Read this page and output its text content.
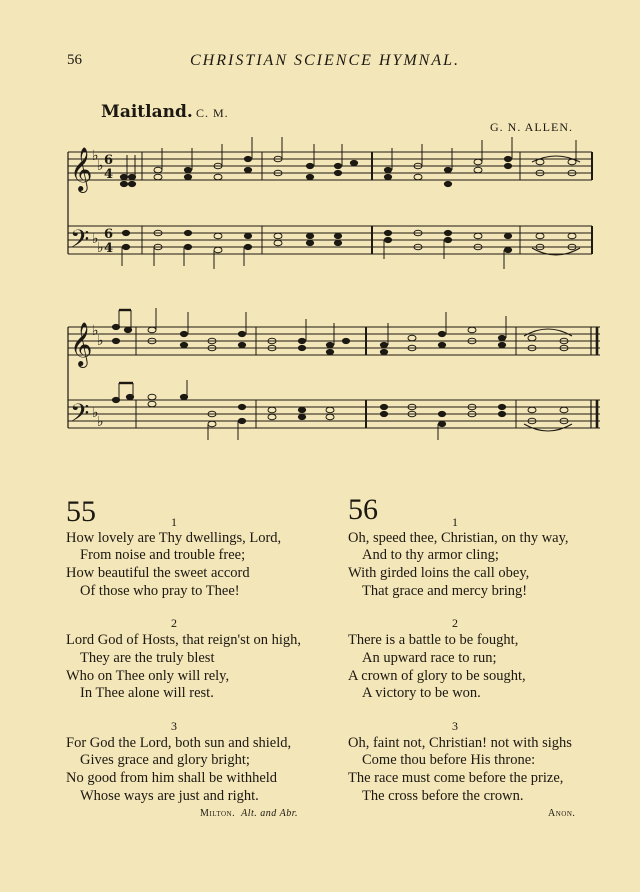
56	CHRISTIAN SCIENCE HYMNAL.
Maitland. C. M.
G. N. ALLEN.
𝄞
𝄢
♭
♭
♭
♭
6
4
6
4
𝄞
𝄢
♭
♭
♭
♭
55	1
How lovely are Thy dwellings, Lord,
From noise and trouble free;
How beautiful the sweet accord
Of those who pray to Thee!
2
Lord God of Hosts, that reign'st on high,
They are the truly blest
Who on Thee only will rely,
In Thee alone will rest.
3
For God the Lord, both sun and shield,
Gives grace and glory bright;
No good from him shall be withheld
Whose ways are just and right.
Milton. Alt. and Abr.
56	1
Oh, speed thee, Christian, on thy way,
And to thy armor cling;
With girded loins the call obey,
That grace and mercy bring!
2
There is a battle to be fought,
An upward race to run;
A crown of glory to be sought,
A victory to be won.
3
Oh, faint not, Christian! not with sighs
Come thou before His throne:
The race must come before the prize,
The cross before the crown.
Anon.
